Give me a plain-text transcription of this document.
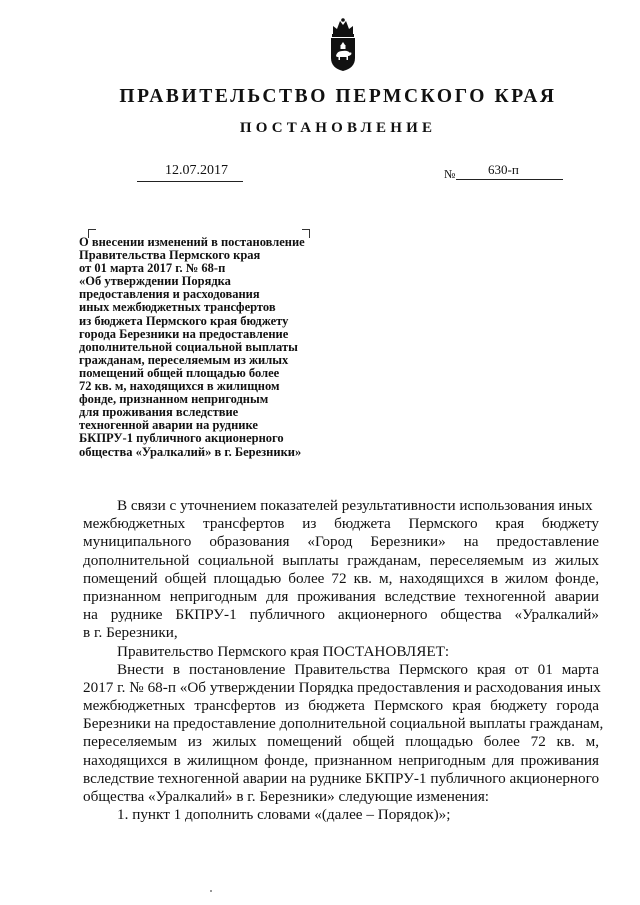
ПРАВИТЕЛЬСТВО ПЕРМСКОГО КРАЯ
ПОСТАНОВЛЕНИЕ
12.07.2017	№	630-п
О внесении изменений в постановление
Правительства Пермского края
от 01 марта 2017 г. № 68-п
«Об утверждении Порядка
предоставления и расходования
иных межбюджетных трансфертов
из бюджета Пермского края бюджету
города Березники на предоставление
дополнительной социальной выплаты
гражданам, переселяемым из жилых
помещений общей площадью более
72 кв. м, находящихся в жилищном
фонде, признанном непригодным
для проживания вследствие
техногенной аварии на руднике
БКПРУ-1 публичного акционерного
общества «Уралкалий» в г. Березники»
В связи с уточнением показателей результативности использования иных
межбюджетных трансфертов из бюджета Пермского края бюджету
муниципального образования «Город Березники» на предоставление
дополнительной социальной выплаты гражданам, переселяемым из жилых
помещений общей площадью более 72 кв. м, находящихся в жилом фонде,
признанном непригодным для проживания вследствие техногенной аварии
на руднике БКПРУ-1 публичного акционерного общества «Уралкалий»
в г. Березники,
Правительство Пермского края ПОСТАНОВЛЯЕТ:
Внести в постановление Правительства Пермского края от 01 марта
2017 г. № 68-п «Об утверждении Порядка предоставления и расходования иных
межбюджетных трансфертов из бюджета Пермского края бюджету города
Березники на предоставление дополнительной социальной выплаты гражданам,
переселяемым из жилых помещений общей площадью более 72 кв. м,
находящихся в жилищном фонде, признанном непригодным для проживания
вследствие техногенной аварии на руднике БКПРУ-1 публичного акционерного
общества «Уралкалий» в г. Березники» следующие изменения:
1. пункт 1 дополнить словами «(далее – Порядок)»;
